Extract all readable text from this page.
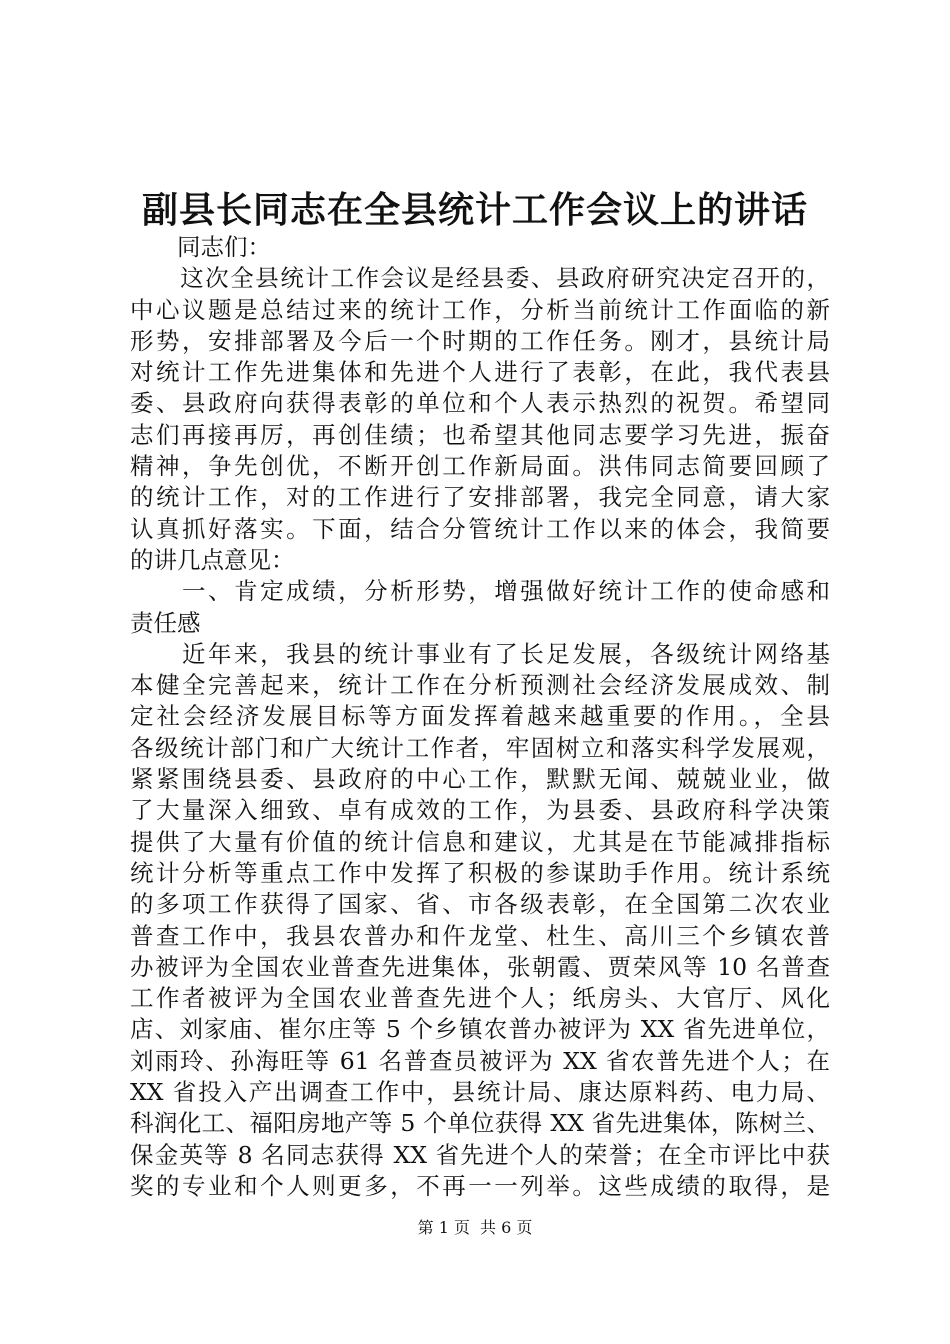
副县长同志在全县统计工作会议上的讲话
　　同志们：
　　这次全县统计工作会议是经县委、县政府研究决定召开的，
中心议题是总结过来的统计工作，分析当前统计工作面临的新
形势，安排部署及今后一个时期的工作任务。刚才，县统计局
对统计工作先进集体和先进个人进行了表彰，在此，我代表县
委、县政府向获得表彰的单位和个人表示热烈的祝贺。希望同
志们再接再厉，再创佳绩；也希望其他同志要学习先进，振奋
精神，争先创优，不断开创工作新局面。洪伟同志简要回顾了
的统计工作，对的工作进行了安排部署，我完全同意，请大家
认真抓好落实。下面，结合分管统计工作以来的体会，我简要
的讲几点意见：
　　一、肯定成绩，分析形势，增强做好统计工作的使命感和
责任感
　　近年来，我县的统计事业有了长足发展，各级统计网络基
本健全完善起来，统计工作在分析预测社会经济发展成效、制
定社会经济发展目标等方面发挥着越来越重要的作用。，全县
各级统计部门和广大统计工作者，牢固树立和落实科学发展观，
紧紧围绕县委、县政府的中心工作，默默无闻、兢兢业业，做
了大量深入细致、卓有成效的工作，为县委、县政府科学决策
提供了大量有价值的统计信息和建议，尤其是在节能减排指标
统计分析等重点工作中发挥了积极的参谋助手作用。统计系统
的多项工作获得了国家、省、市各级表彰，在全国第二次农业
普查工作中，我县农普办和仵龙堂、杜生、高川三个乡镇农普
办被评为全国农业普查先进集体，张朝霞、贾荣风等 10 名普查
工作者被评为全国农业普查先进个人；纸房头、大官厅、风化
店、刘家庙、崔尔庄等 5 个乡镇农普办被评为 XX 省先进单位，
刘雨玲、孙海旺等 61 名普查员被评为 XX 省农普先进个人；在
XX 省投入产出调查工作中，县统计局、康达原料药、电力局、
科润化工、福阳房地产等 5 个单位获得 XX 省先进集体，陈树兰、
保金英等 8 名同志获得 XX 省先进个人的荣誉；在全市评比中获
奖的专业和个人则更多，不再一一列举。这些成绩的取得，是
第 1 页 共 6 页
